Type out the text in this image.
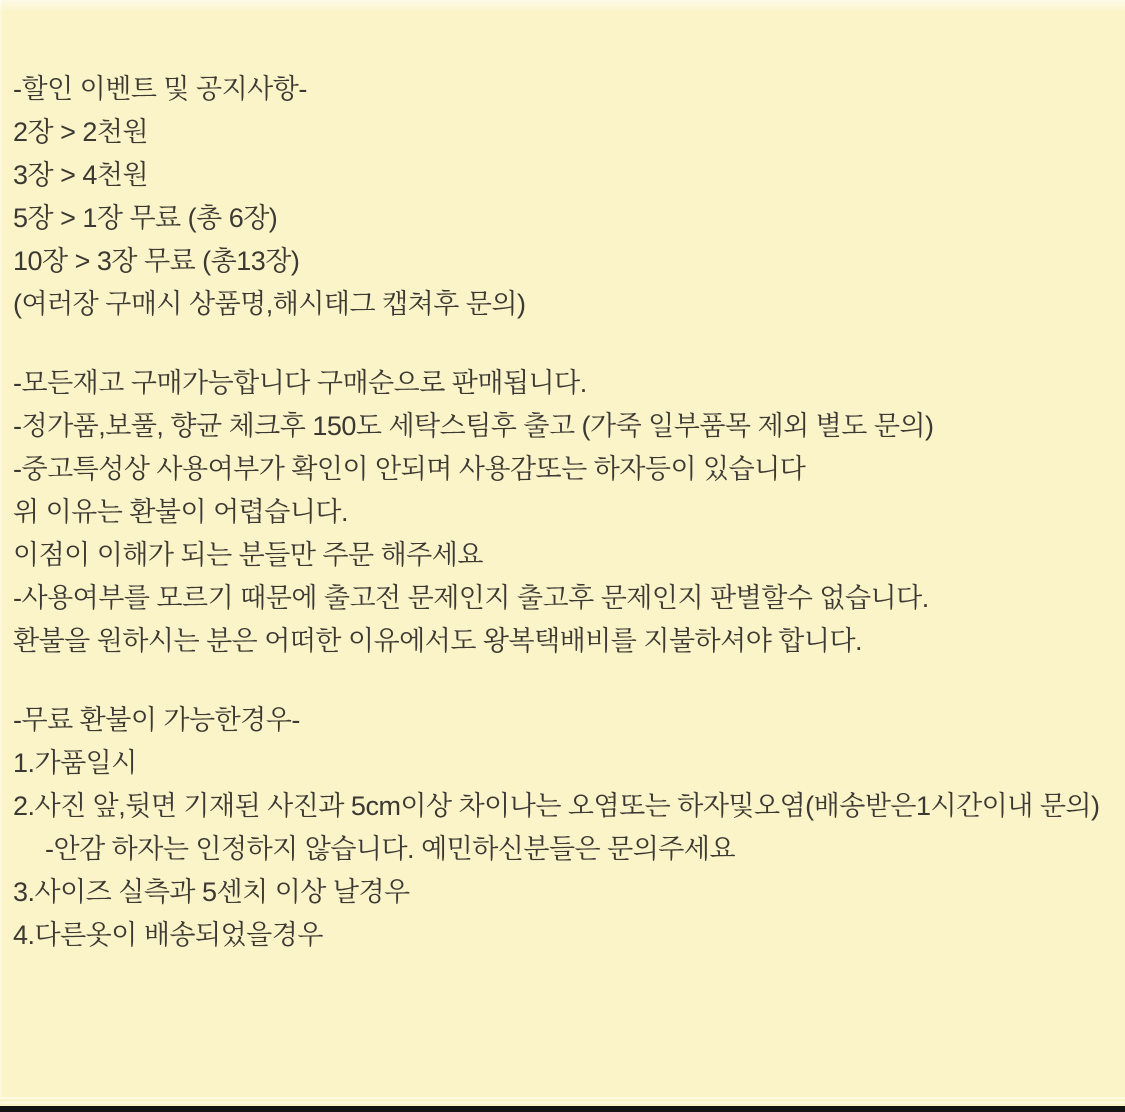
-할인 이벤트 및 공지사항-

2장 > 2천원

3장 > 4천원

5장 > 1장 무료 (총 6장)

10장 > 3장 무료 (총13장)

(여러장 구매시 상품명,해시태그 캡쳐후 문의)

-모든재고 구매가능합니다 구매순으로 판매됩니다.

-정가품,보풀, 향균 체크후 150도 세탁스팀후 출고 (가죽 일부품목 제외 별도 문의)

-중고특성상 사용여부가 확인이 안되며 사용감또는 하자등이 있습니다

위 이유는 환불이 어렵습니다.

이점이 이해가 되는 분들만 주문 해주세요

-사용여부를 모르기 때문에 출고전 문제인지 출고후 문제인지 판별할수 없습니다.

환불을 원하시는 분은 어떠한 이유에서도 왕복택배비를 지불하셔야 합니다.

-무료 환불이 가능한경우-

1.가품일시

2.사진 앞,뒷면 기재된 사진과 5cm이상 차이나는 오염또는 하자및오염(배송받은1시간이내 문의)

-안감 하자는 인정하지 않습니다. 예민하신분들은 문의주세요

3.사이즈 실측과 5센치 이상 날경우

4.다른옷이 배송되었을경우
